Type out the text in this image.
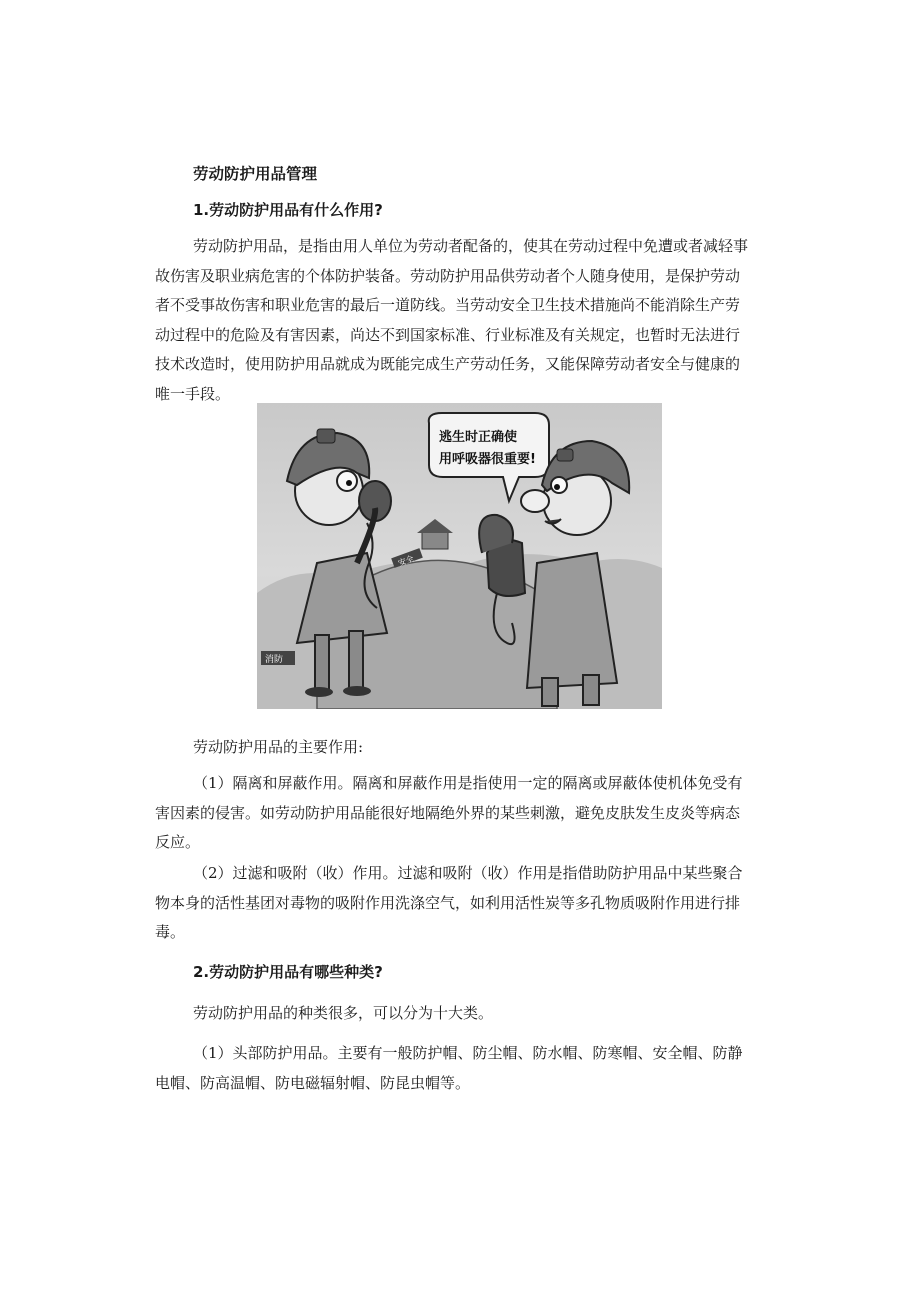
劳动防护用品管理
1.劳动防护用品有什么作用?
劳动防护用品，是指由用人单位为劳动者配备的，使其在劳动过程中免遭或者减轻事
故伤害及职业病危害的个体防护装备。劳动防护用品供劳动者个人随身使用，是保护劳动
者不受事故伤害和职业危害的最后一道防线。当劳动安全卫生技术措施尚不能消除生产劳
动过程中的危险及有害因素，尚达不到国家标准、行业标准及有关规定，也暂时无法进行
技术改造时，使用防护用品就成为既能完成生产劳动任务，又能保障劳动者安全与健康的
唯一手段。
安全
消防
逃生时正确使
用呼吸器很重要!
劳动防护用品的主要作用:
（1）隔离和屏蔽作用。隔离和屏蔽作用是指使用一定的隔离或屏蔽体使机体免受有
害因素的侵害。如劳动防护用品能很好地隔绝外界的某些刺激，避免皮肤发生皮炎等病态
反应。
（2）过滤和吸附（收）作用。过滤和吸附（收）作用是指借助防护用品中某些聚合
物本身的活性基团对毒物的吸附作用洗涤空气，如利用活性炭等多孔物质吸附作用进行排
毒。
2.劳动防护用品有哪些种类?
劳动防护用品的种类很多，可以分为十大类。
（1）头部防护用品。主要有一般防护帽、防尘帽、防水帽、防寒帽、安全帽、防静
电帽、防高温帽、防电磁辐射帽、防昆虫帽等。
